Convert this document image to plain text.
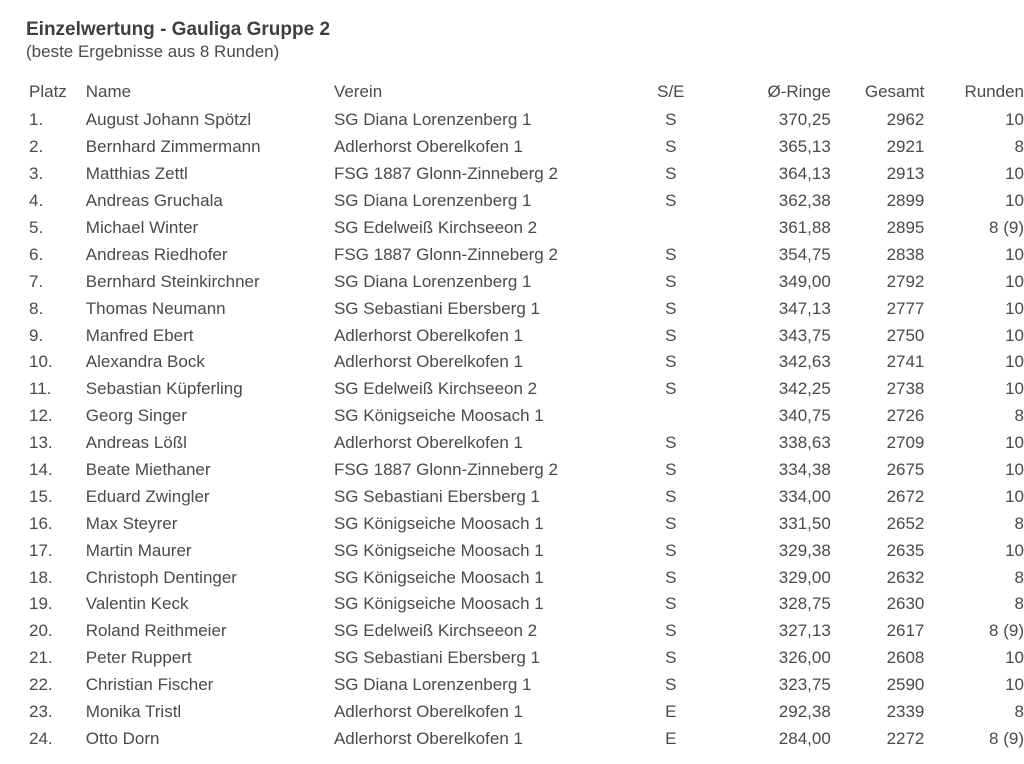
Einzelwertung - Gauliga Gruppe 2
(beste Ergebnisse aus 8 Runden)
Platz	Name	Verein	S/E	Ø-Ringe	Gesamt	Runden
1.	August Johann Spötzl	SG Diana Lorenzenberg 1	S	370,25	2962	10
2.	Bernhard Zimmermann	Adlerhorst Oberelkofen 1	S	365,13	2921	8
3.	Matthias Zettl	FSG 1887 Glonn-Zinneberg 2	S	364,13	2913	10
4.	Andreas Gruchala	SG Diana Lorenzenberg 1	S	362,38	2899	10
5.	Michael Winter	SG Edelweiß Kirchseeon 2		361,88	2895	8 (9)
6.	Andreas Riedhofer	FSG 1887 Glonn-Zinneberg 2	S	354,75	2838	10
7.	Bernhard Steinkirchner	SG Diana Lorenzenberg 1	S	349,00	2792	10
8.	Thomas Neumann	SG Sebastiani Ebersberg 1	S	347,13	2777	10
9.	Manfred Ebert	Adlerhorst Oberelkofen 1	S	343,75	2750	10
10.	Alexandra Bock	Adlerhorst Oberelkofen 1	S	342,63	2741	10
11.	Sebastian Küpferling	SG Edelweiß Kirchseeon 2	S	342,25	2738	10
12.	Georg Singer	SG Königseiche Moosach 1		340,75	2726	8
13.	Andreas Lößl	Adlerhorst Oberelkofen 1	S	338,63	2709	10
14.	Beate Miethaner	FSG 1887 Glonn-Zinneberg 2	S	334,38	2675	10
15.	Eduard Zwingler	SG Sebastiani Ebersberg 1	S	334,00	2672	10
16.	Max Steyrer	SG Königseiche Moosach 1	S	331,50	2652	8
17.	Martin Maurer	SG Königseiche Moosach 1	S	329,38	2635	10
18.	Christoph Dentinger	SG Königseiche Moosach 1	S	329,00	2632	8
19.	Valentin Keck	SG Königseiche Moosach 1	S	328,75	2630	8
20.	Roland Reithmeier	SG Edelweiß Kirchseeon 2	S	327,13	2617	8 (9)
21.	Peter Ruppert	SG Sebastiani Ebersberg 1	S	326,00	2608	10
22.	Christian Fischer	SG Diana Lorenzenberg 1	S	323,75	2590	10
23.	Monika Tristl	Adlerhorst Oberelkofen 1	E	292,38	2339	8
24.	Otto Dorn	Adlerhorst Oberelkofen 1	E	284,00	2272	8 (9)
